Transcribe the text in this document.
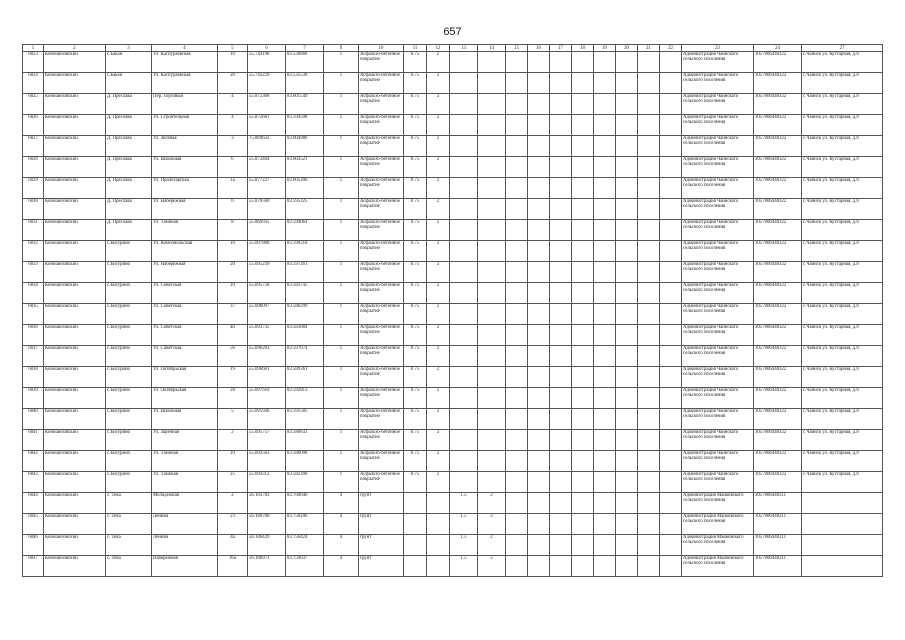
657
1	2	3	4	5	6	7	9	10	11	12	13	14	15	16	17	18	19	20	21	22	23	24	27
6823	Коношеловский	с.Бакай	Ул. Каспураевская	10	55.744198	83.539868	1	Асфальто-бетонное покрытие	0.75	2											Администрация Чаинского сельского поселения	1057006448322	с.Чаинск ул. Кустарная, д.8
6824	Коношеловский	с.Бакай	Ул. Каспураевская	20	55.742229	83.535538	1	Асфальто-бетонное покрытие	0.75	2											Администрация Чаинского сельского поселения	1057006448322	с.Чаинск ул. Кустарная, д.8
6825	Коношеловский	Д. Преслава	Пер. Торговый	4	55.872368	83.601549	1	Асфальто-бетонное покрытие	0.75	2											Администрация Чаинского сельского поселения	1057006448322	с.Чаинск ул. Кустарная, д.8
6826	Коношеловский	Д. Преслава	Ул. Строительная	4	55.872601	83.594598	1	Асфальто-бетонное покрытие	0.75	2											Администрация Чаинского сельского поселения	1057006448322	с.Чаинск ул. Кустарная, д.8
6827	Коношеловский	Д. Преслава	Ул. Зеленая	3	75.869632	83.604986	1	Асфальто-бетонное покрытие	0.75	2											Администрация Чаинского сельского поселения	1057006448322	с.Чаинск ул. Кустарная, д.8
6828	Коношеловский	Д. Преслава	Ул. Школьная	6	55.873464	83.603521	1	Асфальто-бетонное покрытие	0.75	2											Администрация Чаинского сельского поселения	1057006448322	с.Чаинск ул. Кустарная, д.8
6829	Коношеловский	Д. Преслава	Ул. Пролетарская	1а	55.877227	83.605200	1	Асфальто-бетонное покрытие	0.75	2											Администрация Чаинского сельского поселения	1057006448322	с.Чаинск ул. Кустарная, д.8
6830	Коношеловский	Д. Преслава	Ул. Набережная	6	55.876560	83.595325	1	Асфальто-бетонное покрытие	0.75	2											Администрация Чаинского сельского поселения	1057006448322	с.Чаинск ул. Кустарная, д.8
6831	Коношеловский	Д. Преслава	Ул. Таежная	8	55.869935	83.594064	1	Асфальто-бетонное покрытие	0.75	2											Администрация Чаинского сельского поселения	1057006448322	с.Чаинск ул. Кустарная, д.8
6832	Коношеловский	с.Бисурино	Ул. Комсомольская	10	55.097808	83.599218	1	Асфальто-бетонное покрытие	0.75	2											Администрация Чаинского сельского поселения	1057006448322	с.Чаинск ул. Кустарная, д.8
6833	Коношеловский	с.Бисурино	Ул. Набережная	20	55.095239	83.597261	1	Асфальто-бетонное покрытие	0.75	2											Администрация Чаинского сельского поселения	1057006448322	с.Чаинск ул. Кустарная, д.8
6834	Коношеловский	с.Бисурино	Ул. Советская	10	55.095758	83.583745	1	Асфальто-бетонное покрытие	0.75	2											Администрация Чаинского сельского поселения	1057006448322	с.Чаинск ул. Кустарная, д.8
6835	Коношеловский	с.Бисурино	Ул. Советская	37	55.098097	83.586299	1	Асфальто-бетонное покрытие	0.75	2											Администрация Чаинского сельского поселения	1057006448322	с.Чаинск ул. Кустарная, д.8
6836	Коношеловский	с.Бисурино	Ул. Советская	40	55.093735	83.583884	1	Асфальто-бетонное покрытие	0.75	2											Администрация Чаинского сельского поселения	1057006448322	с.Чаинск ул. Кустарная, д.8
6837	Коношеловский	с.Бисурино	Ул. Советская	56	55.096203	83.597674	1	Асфальто-бетонное покрытие	0.75	2											Администрация Чаинского сельского поселения	1057006448322	с.Чаинск ул. Кустарная, д.8
6838	Коношеловский	с.Бисурино	Ул. Октябрьская	19	55.096601	83.589361	1	Асфальто-бетонное покрытие	0.75	2											Администрация Чаинского сельского поселения	1057006448322	с.Чаинск ул. Кустарная, д.8
6839	Коношеловский	с.Бисурино	Ул. Октябрьская	28	55.097610	83.592813	1	Асфальто-бетонное покрытие	0.75	2											Администрация Чаинского сельского поселения	1057006448322	с.Чаинск ул. Кустарная, д.8
6840	Коношеловский	с.Бисурино	Ул. Школьная	5	55.095936	83.591585	1	Асфальто-бетонное покрытие	0.75	2											Администрация Чаинского сельского поселения	1057006448322	с.Чаинск ул. Кустарная, д.8
6841	Коношеловский	с.Бисурино	Ул. Заречная	2	55.095757	83.580833	1	Асфальто-бетонное покрытие	0.75	2											Администрация Чаинского сельского поселения	1057006448322	с.Чаинск ул. Кустарная, д.8
6842	Коношеловский	с.Бисурино	Ул. Таежная	10	55.093562	83.586098	1	Асфальто-бетонное покрытие	0.75	2											Администрация Чаинского сельского поселения	1057006448322	с.Чаинск ул. Кустарная, д.8
6843	Коношеловский	с.Бисурино	Ул. Таежная	25	55.094312	83.582390	1	Асфальто-бетонное покрытие	0.75	2											Администрация Чаинского сельского поселения	1057006448322	с.Чаинск ул. Кустарная, д.8
6844	Коношеловский	с. Тека	Молодежная	2	56.183783	83.760046	4	грунт			1.5	2									Администрация Маиковского сельского поселения	1057006448311	
6845	Коношеловский	с. Тека	Ленина	23	56.180708	83.758106	4	грунт			1.5	2									Администрация Маиковского сельского поселения	1057006448311	
6846	Коношеловский	с. Тека	Ленина	4а	56.186439	83.756424	4	грунт			1.5	2									Администрация Маиковского сельского поселения	1057006448311	
6847	Коношеловский	с. Тека	Набережная	16а	56.180973	83.759037	4	грунт			1.5	2									Администрация Маиковского сельского поселения	1057006448311	
